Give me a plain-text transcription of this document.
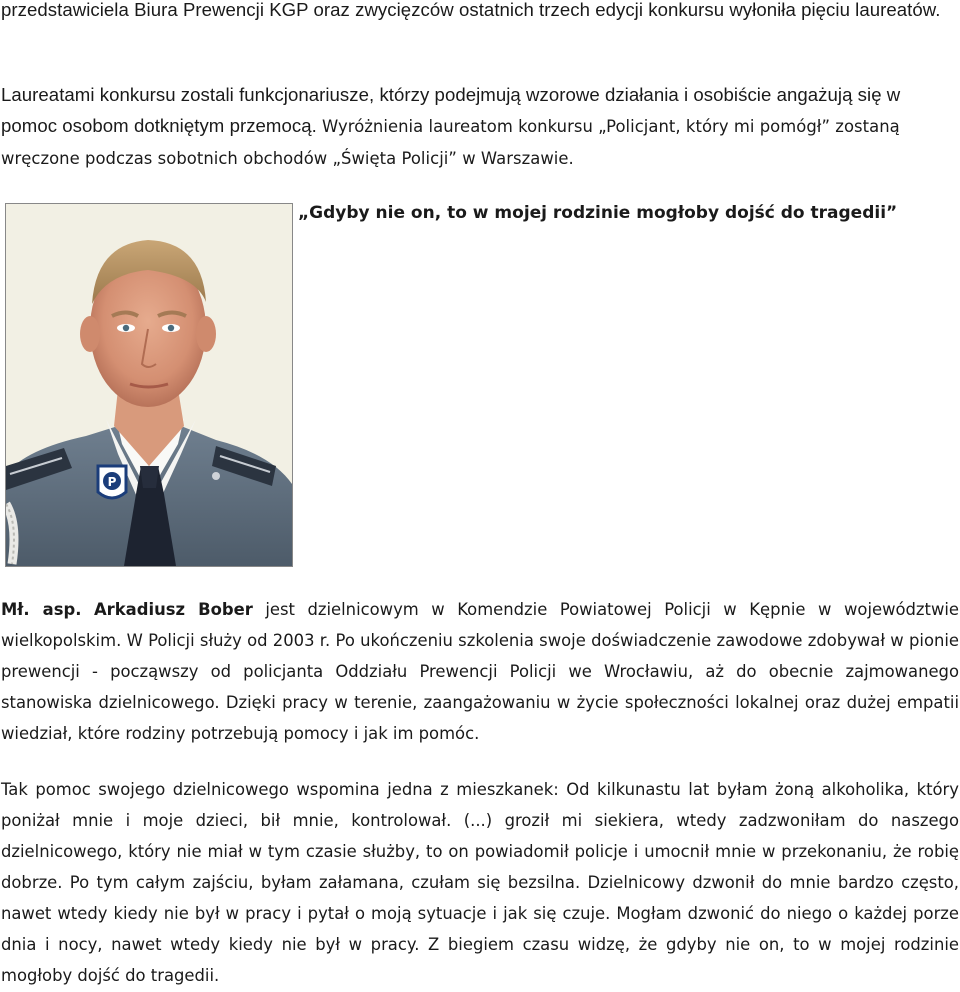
przedstawiciela Biura Prewencji KGP oraz zwycięzców ostatnich trzech edycji konkursu wyłoniła pięciu laureatów.

Laureatami konkursu zostali funkcjonariusze, którzy podejmują wzorowe działania i osobiście angażują się w pomoc osobom dotkniętym przemocą. Wyróżnienia laureatom konkursu „Policjant, który mi pomógł” zostaną wręczone podczas sobotnich obchodów „Święta Policji” w Warszawie.

P
„Gdyby nie on, to w mojej rodzinie mogłoby dojść do tragedii”

Mł. asp. Arkadiusz Bober jest dzielnicowym w Komendzie Powiatowej Policji w Kępnie w województwie wielkopolskim. W Policji służy od 2003 r. Po ukończeniu szkolenia swoje doświadczenie zawodowe zdobywał w pionie prewencji - począwszy od policjanta Oddziału Prewencji Policji we Wrocławiu, aż do obecnie zajmowanego stanowiska dzielnicowego. Dzięki pracy w terenie, zaangażowaniu w życie społeczności lokalnej oraz dużej empatii wiedział, które rodziny potrzebują pomocy i jak im pomóc.

Tak pomoc swojego dzielnicowego wspomina jedna z mieszkanek: Od kilkunastu lat byłam żoną alkoholika, który poniżał mnie i moje dzieci, bił mnie, kontrolował. (...) groził mi siekiera, wtedy zadzwoniłam do naszego dzielnicowego, który nie miał w tym czasie służby, to on powiadomił policje i umocnił mnie w przekonaniu, że robię dobrze. Po tym całym zajściu, byłam załamana, czułam się bezsilna. Dzielnicowy dzwonił do mnie bardzo często, nawet wtedy kiedy nie był w pracy i pytał o moją sytuacje i jak się czuje. Mogłam dzwonić do niego o każdej porze dnia i nocy, nawet wtedy kiedy nie był w pracy. Z biegiem czasu widzę, że gdyby nie on, to w mojej rodzinie mogłoby dojść do tragedii.
